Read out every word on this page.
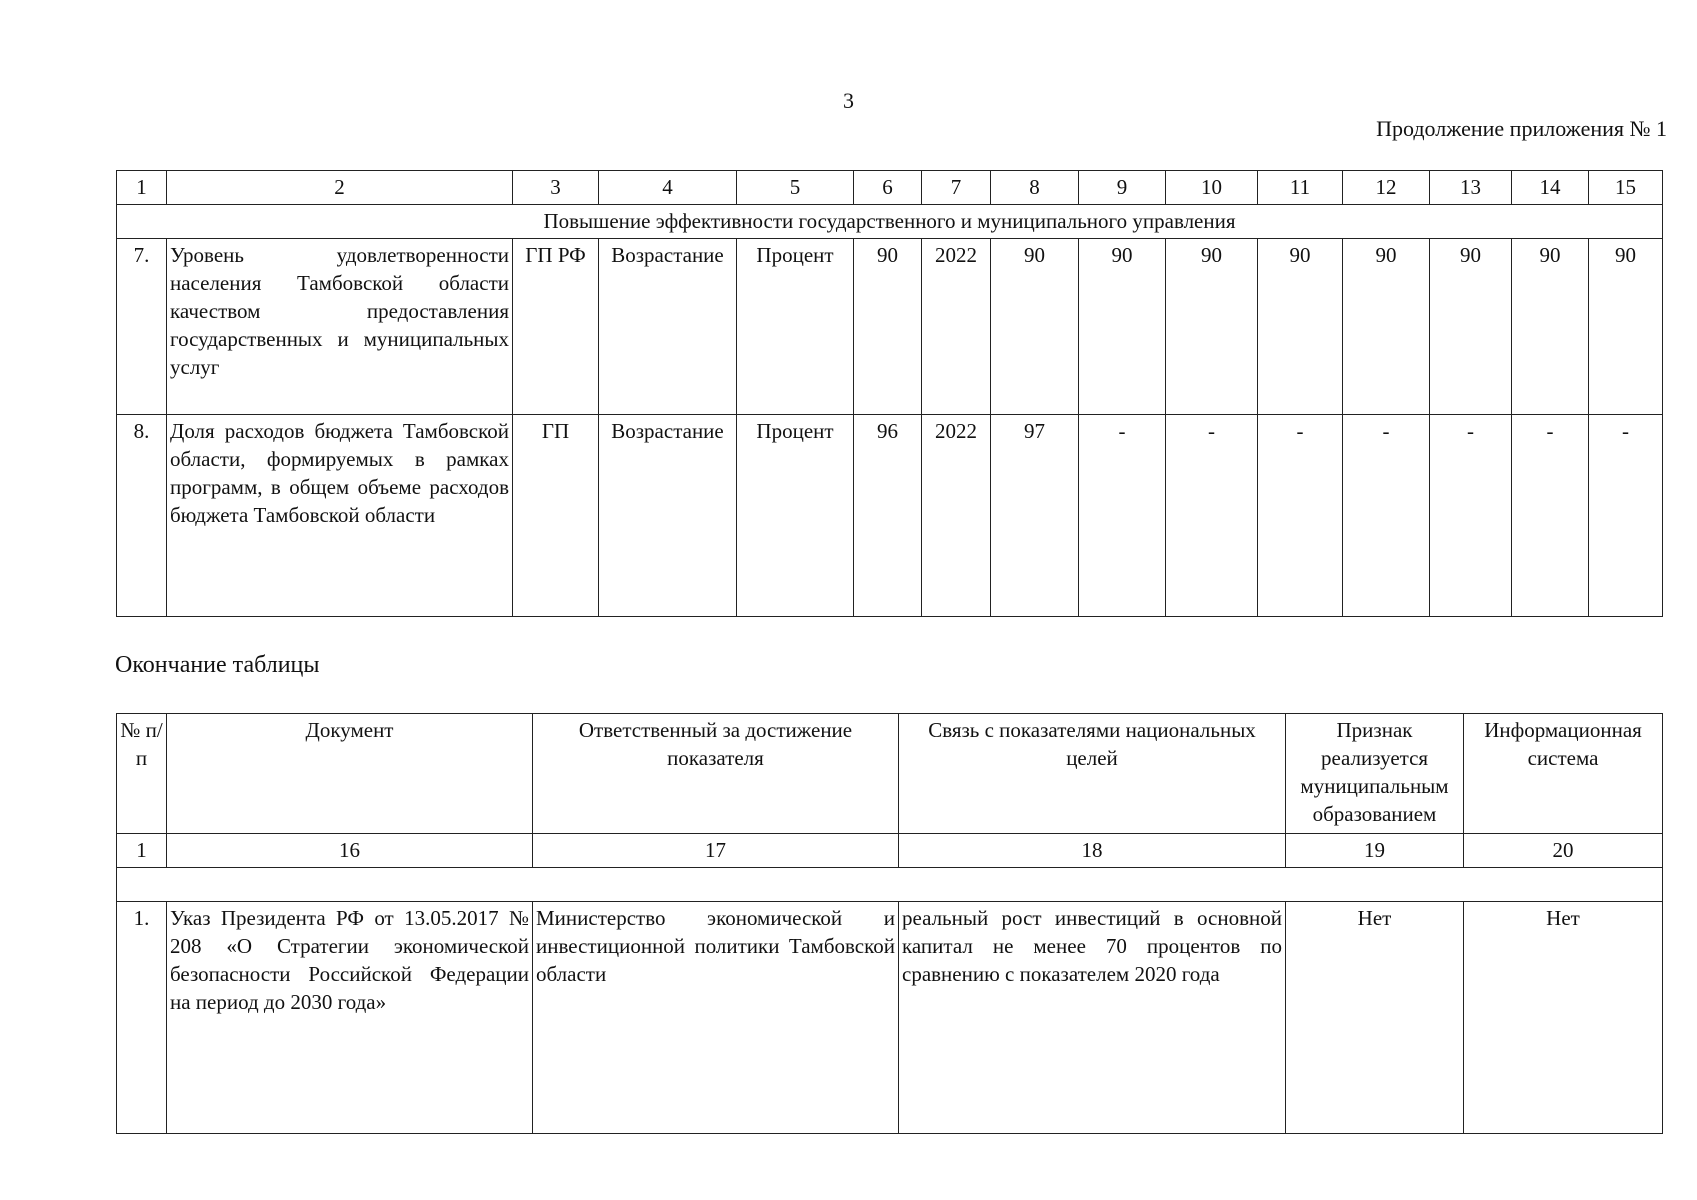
3
Продолжение приложения № 1
1	2	3	4	5	6	7	8	9	10	11	12	13	14	15
Повышение эффективности государственного и муниципального управления														
7.	Уровень удовлетворенности населения Тамбовской области качеством предоставления государственных и муниципальных услуг	ГП РФ	Возрастание	Процент	90	2022	90	90	90	90	90	90	90	90
8.	Доля расходов бюджета Тамбовской области, формируемых в рамках программ, в общем объеме расходов бюджета Тамбовской области	ГП	Возрастание	Процент	96	2022	97	-	-	-	-	-	-	-
Окончание таблицы
№ п/п	Документ	Ответственный за достижение показателя	Связь с показателями национальных целей	Признак реализуется муниципальным образованием	Информационная система
1	16	17	18	19	20

1.	Указ Президента РФ от 13.05.2017 № 208 «О Стратегии экономической безопасности Российской Федерации на период до 2030 года»	Министерство экономической и инвестиционной политики Тамбовской области	реальный рост инвестиций в основной капитал не менее 70 процентов по сравнению с показателем 2020 года	Нет	Нет
